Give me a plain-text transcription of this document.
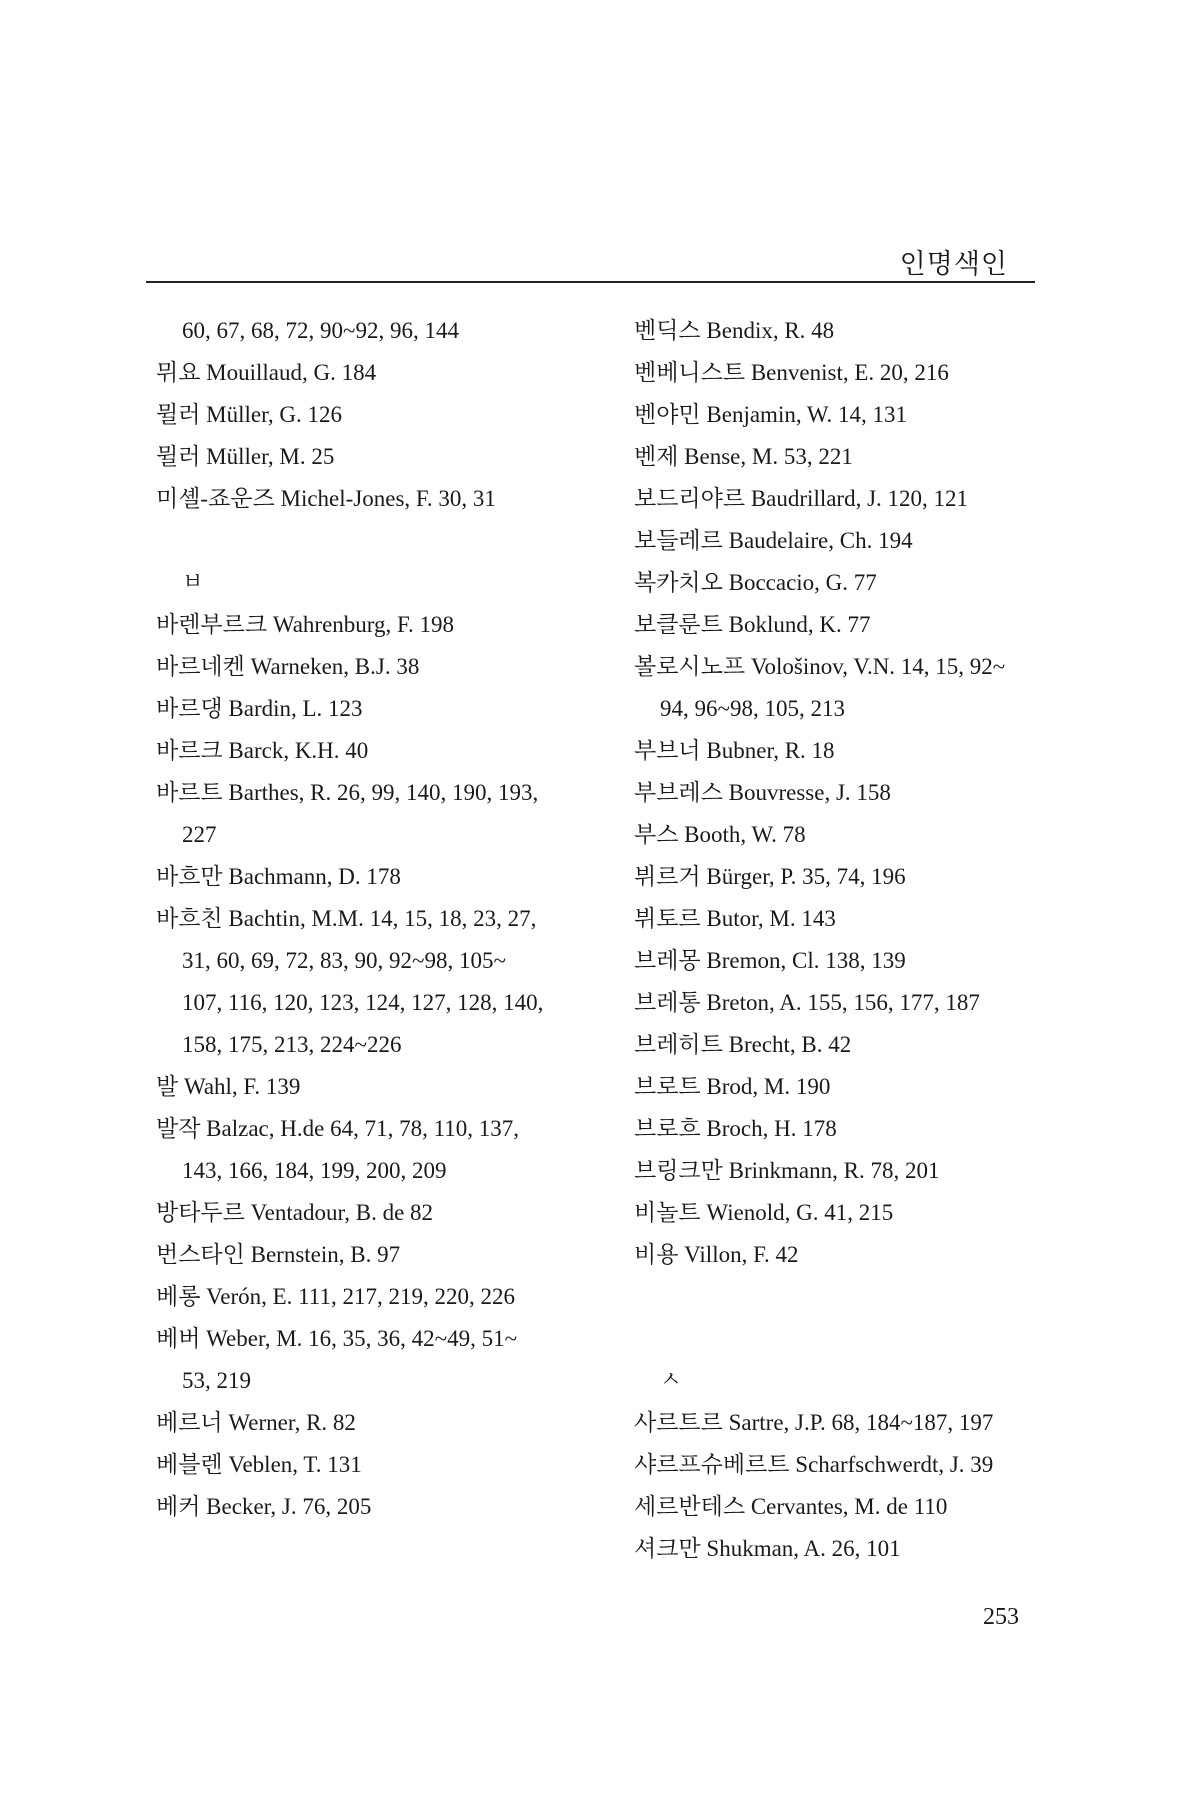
인명색인
60, 67, 68, 72, 90~92, 96, 144
뮈요 Mouillaud, G. 184
뮐러 Müller, G. 126
뮐러 Müller, M. 25
미셸-죠운즈 Michel-Jones, F. 30, 31
ㅂ
바렌부르크 Wahrenburg, F. 198
바르네켄 Warneken, B.J. 38
바르댕 Bardin, L. 123
바르크 Barck, K.H. 40
바르트 Barthes, R. 26, 99, 140, 190, 193,
227
바흐만 Bachmann, D. 178
바흐친 Bachtin, M.M. 14, 15, 18, 23, 27,
31, 60, 69, 72, 83, 90, 92~98, 105~
107, 116, 120, 123, 124, 127, 128, 140,
158, 175, 213, 224~226
발 Wahl, F. 139
발작 Balzac, H.de 64, 71, 78, 110, 137,
143, 166, 184, 199, 200, 209
방타두르 Ventadour, B. de 82
번스타인 Bernstein, B. 97
베롱 Verón, E. 111, 217, 219, 220, 226
베버 Weber, M. 16, 35, 36, 42~49, 51~
53, 219
베르너 Werner, R. 82
베블렌 Veblen, T. 131
베커 Becker, J. 76, 205
벤딕스 Bendix, R. 48
벤베니스트 Benvenist, E. 20, 216
벤야민 Benjamin, W. 14, 131
벤제 Bense, M. 53, 221
보드리야르 Baudrillard, J. 120, 121
보들레르 Baudelaire, Ch. 194
복카치오 Boccacio, G. 77
보클룬트 Boklund, K. 77
볼로시노프 Vološinov, V.N. 14, 15, 92~
94, 96~98, 105, 213
부브너 Bubner, R. 18
부브레스 Bouvresse, J. 158
부스 Booth, W. 78
뷔르거 Bürger, P. 35, 74, 196
뷔토르 Butor, M. 143
브레몽 Bremon, Cl. 138, 139
브레통 Breton, A. 155, 156, 177, 187
브레히트 Brecht, B. 42
브로트 Brod, M. 190
브로흐 Broch, H. 178
브링크만 Brinkmann, R. 78, 201
비놀트 Wienold, G. 41, 215
비용 Villon, F. 42
ㅅ
사르트르 Sartre, J.P. 68, 184~187, 197
샤르프슈베르트 Scharfschwerdt, J. 39
세르반테스 Cervantes, M. de 110
셔크만 Shukman, A. 26, 101
253
